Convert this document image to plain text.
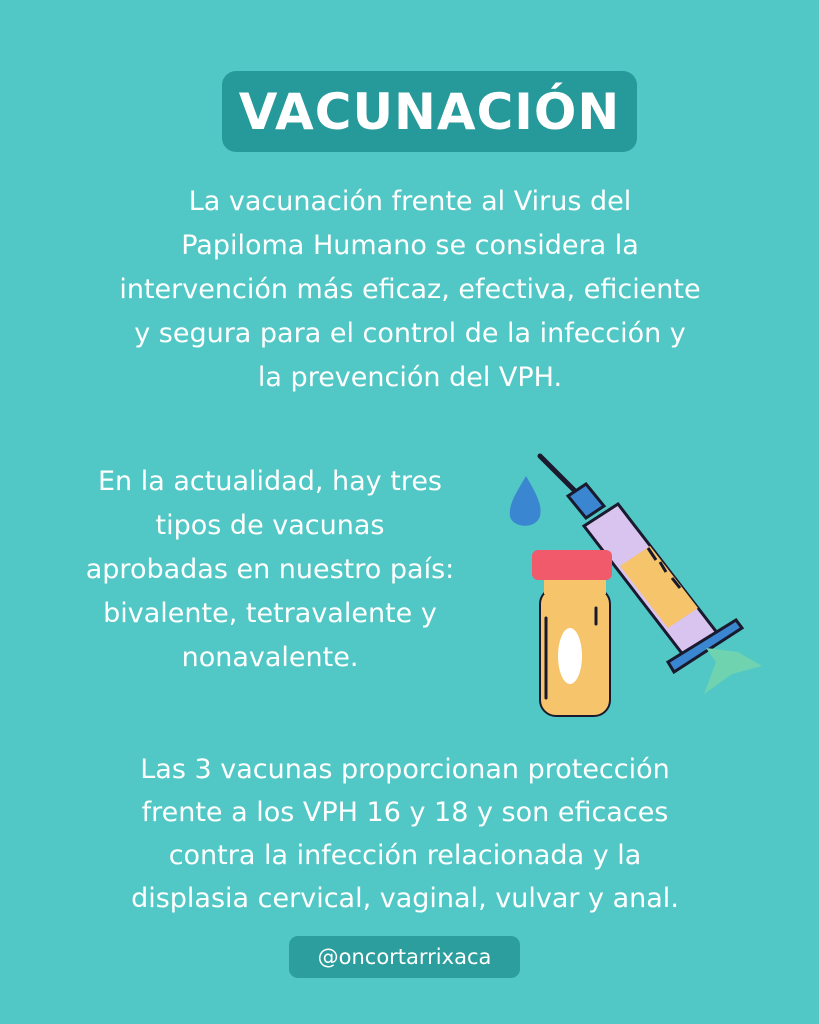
VACUNACIÓN
La vacunación frente al Virus del
Papiloma Humano se considera la
intervención más eficaz, efectiva, eficiente
y segura para el control de la infección y
la prevención del VPH.
En la actualidad, hay tres
tipos de vacunas
aprobadas en nuestro país:
bivalente, tetravalente y
nonavalente.
Las 3 vacunas proporcionan protección
frente a los VPH 16 y 18 y son eficaces
contra la infección relacionada y la
displasia cervical, vaginal, vulvar y anal.
@oncortarrixaca
